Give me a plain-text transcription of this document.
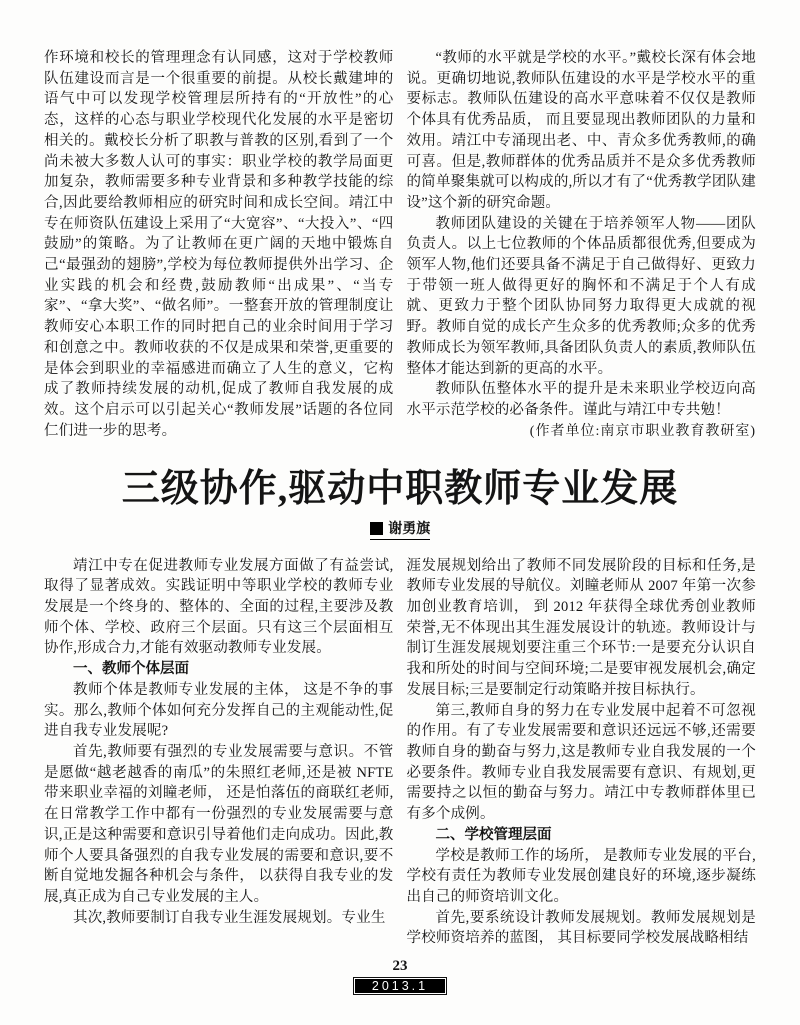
作环境和校长的管理理念有认同感，这对于学校教师队伍建设而言是一个很重要的前提。从校长戴建坤的语气中可以发现学校管理层所持有的“开放性”的心态，这样的心态与职业学校现代化发展的水平是密切相关的。戴校长分析了职教与普教的区别,看到了一个尚未被大多数人认可的事实：职业学校的教学局面更加复杂，教师需要多种专业背景和多种教学技能的综合,因此要给教师相应的研究时间和成长空间。靖江中专在师资队伍建设上采用了“大宽容”、“大投入”、“四鼓励”的策略。为了让教师在更广阔的天地中锻炼自己“最强劲的翅膀”,学校为每位教师提供外出学习、企业实践的机会和经费,鼓励教师“出成果”、“当专家”、“拿大奖”、“做名师”。一整套开放的管理制度让教师安心本职工作的同时把自己的业余时间用于学习和创意之中。教师收获的不仅是成果和荣誉,更重要的是体会到职业的幸福感进而确立了人生的意义，它构成了教师持续发展的动机,促成了教师自我发展的成效。这个启示可以引起关心“教师发展”话题的各位同仁们进一步的思考。

“教师的水平就是学校的水平。”戴校长深有体会地说。更确切地说,教师队伍建设的水平是学校水平的重要标志。教师队伍建设的高水平意味着不仅仅是教师个体具有优秀品质， 而且要显现出教师团队的力量和效用。靖江中专涌现出老、中、青众多优秀教师,的确可喜。但是,教师群体的优秀品质并不是众多优秀教师的简单聚集就可以构成的,所以才有了“优秀教学团队建设”这个新的研究命题。

教师团队建设的关键在于培养领军人物——团队负责人。以上七位教师的个体品质都很优秀,但要成为领军人物,他们还要具备不满足于自己做得好、更致力于带领一班人做得更好的胸怀和不满足于个人有成就、更致力于整个团队协同努力取得更大成就的视野。教师自觉的成长产生众多的优秀教师;众多的优秀教师成长为领军教师,具备团队负责人的素质,教师队伍整体才能达到新的更高的水平。

教师队伍整体水平的提升是未来职业学校迈向高水平示范学校的必备条件。谨此与靖江中专共勉！

(作者单位:南京市职业教育教研室)

三级协作,驱动中职教师专业发展
谢勇旗

靖江中专在促进教师专业发展方面做了有益尝试,取得了显著成效。实践证明中等职业学校的教师专业发展是一个终身的、整体的、全面的过程,主要涉及教师个体、学校、政府三个层面。只有这三个层面相互协作,形成合力,才能有效驱动教师专业发展。

一、教师个体层面

教师个体是教师专业发展的主体， 这是不争的事实。那么,教师个体如何充分发挥自己的主观能动性,促进自我专业发展呢?

首先,教师要有强烈的专业发展需要与意识。不管是愿做“越老越香的南瓜”的朱照红老师,还是被 NFTE 带来职业幸福的刘瞳老师， 还是怕落伍的商联红老师,在日常教学工作中都有一份强烈的专业发展需要与意识,正是这种需要和意识引导着他们走向成功。因此,教师个人要具备强烈的自我专业发展的需要和意识,要不断自觉地发掘各种机会与条件， 以获得自我专业的发展,真正成为自己专业发展的主人。

其次,教师要制订自我专业生涯发展规划。专业生

涯发展规划给出了教师不同发展阶段的目标和任务,是教师专业发展的导航仪。刘瞳老师从 2007 年第一次参加创业教育培训， 到 2012 年获得全球优秀创业教师荣誉,无不体现出其生涯发展设计的轨迹。教师设计与制订生涯发展规划要注重三个环节:一是要充分认识自我和所处的时间与空间环境;二是要审视发展机会,确定发展目标;三是要制定行动策略并按目标执行。

第三,教师自身的努力在专业发展中起着不可忽视的作用。有了专业发展需要和意识还远远不够,还需要教师自身的勤奋与努力,这是教师专业自我发展的一个必要条件。教师专业自我发展需要有意识、有规划,更需要持之以恒的勤奋与努力。靖江中专教师群体里已有多个成例。

二、学校管理层面

学校是教师工作的场所， 是教师专业发展的平台,学校有责任为教师专业发展创建良好的环境,逐步凝练出自己的师资培训文化。

首先,要系统设计教师发展规划。教师发展规划是学校师资培养的蓝图， 其目标要同学校发展战略相结

23
2013.1
